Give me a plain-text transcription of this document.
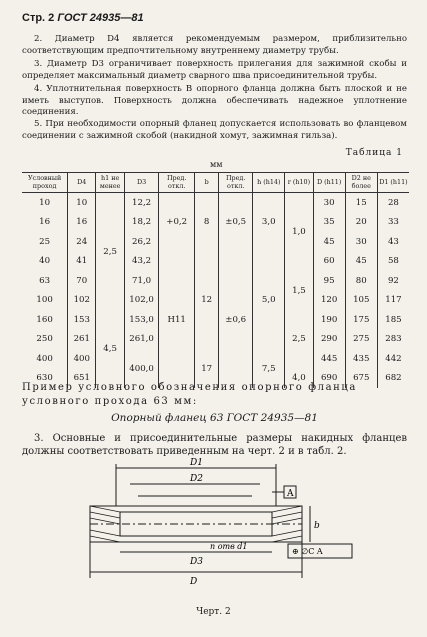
Стр. 2 ГОСТ 24935—81
2. Диаметр D4 является рекомендуемым размером, приблизительно соответствующим предпочтительному внутреннему диаметру трубы.
3. Диаметр D3 ограничивает поверхность прилегания для зажимной скобы и определяет максимальный диаметр сварного шва присоединительной трубы.
4. Уплотнительная поверхность B опорного фланца должна быть плоской и не иметь выступов. Поверхность должна обеспечивать надежное уплотнение соединения.
5. При необходимости опорный фланец допускается использовать во фланцевом соединении с зажимной скобой (накидной хомут, зажимная гильза).
Таблица 1
мм
Условный проход	D4	h1 не менее	D3	Пред. откл.	b	Пред. откл.	h (h14)	r (h10)	D (h11)	D2 не более	D1 (h11)
10	10	2,5	12,2	+0,2	8	±0,5	3,0	1,0	30	15	28
16	16		18,2						35	20	33
25	24		26,2						45	30	43
40	41		43,2	H11	12	±0,6	5,0		60	45	58
63	70		71,0					1,5	95	80	92
100	102		102,0						120	105	117
160	153	4,5	153,0					2,5	190	175	185
250	261		261,0						290	275	283
400	400		400,0		17		7,5		445	435	442
630	651							4,0	690	675	682
Пример условного обозначения опорного фланца условного прохода 63 мм:
Опорный фланец 63 ГОСТ 24935—81
3. Основные и присоединительные размеры накидных фланцев должны соответствовать приведенным на черт. 2 и в табл. 2.
D1
D2
D3
D
A
b
n отв d1
⊕ ∅С A
Черт. 2
